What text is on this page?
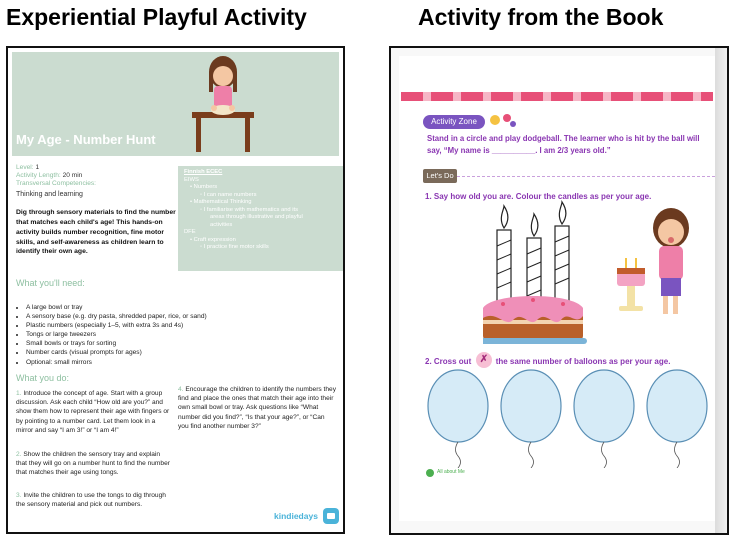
Experiential Playful Activity	Activity from the Book
My Age - Number Hunt
Level: 1
Activity Length: 20 min
Transversal Competencies:
Thinking and learning
Dig through sensory materials to find the number that matches each child's age! This hands-on activity builds number recognition, fine motor skills, and self-awareness as children learn to identify their own age.
Finnish ECEC
EIWS
• Numbers
◦ I can name numbers
• Mathematical Thinking
◦ I familiarise with mathematics and its
areas through illustrative and playful
activities
DFE
• Craft expression
◦ I practice fine motor skills
What you'll need:
• A large bowl or tray
• A sensory base (e.g. dry pasta, shredded paper, rice, or sand)
• Plastic numbers (especially 1–5, with extra 3s and 4s)
• Tongs or large tweezers
• Small bowls or trays for sorting
• Number cards (visual prompts for ages)
• Optional: small mirrors
What you do:
1. Introduce the concept of age. Start with a group discussion. Ask each child “How old are you?” and show them how to represent their age with fingers or by pointing to a number card. Let them look in a mirror and say “I am 3!” or “I am 4!”
2. Show the children the sensory tray and explain that they will go on a number hunt to find the number that matches their age using tongs.
3. Invite the children to use the tongs to dig through the sensory material and pick out numbers.
4. Encourage the children to identify the numbers they find and place the ones that match their age into their own small bowl or tray. Ask questions like “What number did you find?”, “Is that your age?”, or “Can you find another number 3?”
kindiedays
Activity Zone
Stand in a circle and play dodgeball. The learner who is hit by the ball will say, “My name is __________. I am 2/3 years old.”
Let's Do
1. Say how old you are. Colour the candles as per your age.
2. Cross out	the same number of balloons as per your age.
✗
All about Me
